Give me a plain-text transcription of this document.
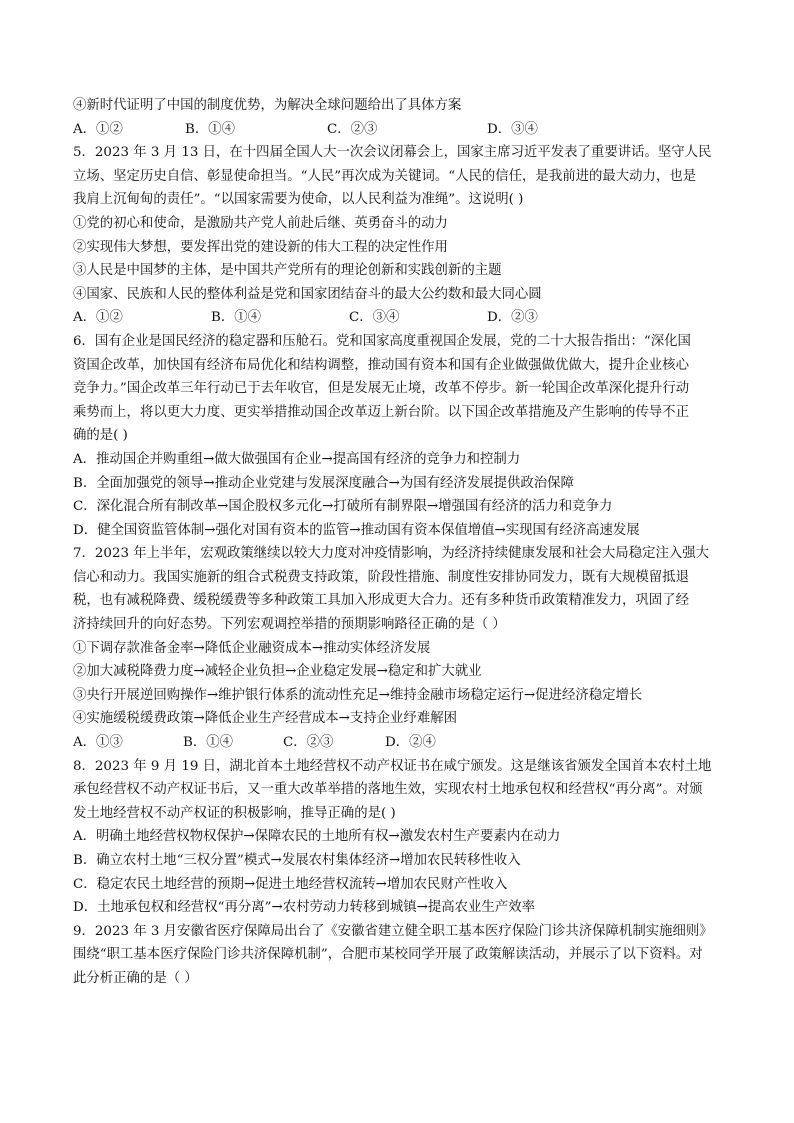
④新时代证明了中国的制度优势，为解决全球问题给出了具体方案
A．①②	B．①④	C．②③	D．③④
5．2023 年 3 月 13 日，在十四届全国人大一次会议闭幕会上，国家主席习近平发表了重要讲话。坚守人民
立场、坚定历史自信、彰显使命担当。“人民”再次成为关键词。“人民的信任，是我前进的最大动力，也是
我肩上沉甸甸的责任”。“以国家需要为使命，以人民利益为准绳”。这说明( )
①党的初心和使命，是激励共产党人前赴后继、英勇奋斗的动力
②实现伟大梦想，要发挥出党的建设新的伟大工程的决定性作用
③人民是中国梦的主体，是中国共产党所有的理论创新和实践创新的主题
④国家、民族和人民的整体利益是党和国家团结奋斗的最大公约数和最大同心圆
A．①②	B．①④	C．③④	D．②③
6．国有企业是国民经济的稳定器和压舱石。党和国家高度重视国企发展，党的二十大报告指出：“深化国
资国企改革，加快国有经济布局优化和结构调整，推动国有资本和国有企业做强做优做大，提升企业核心
竞争力。”国企改革三年行动已于去年收官，但是发展无止境，改革不停步。新一轮国企改革深化提升行动
乘势而上，将以更大力度、更实举措推动国企改革迈上新台阶。以下国企改革措施及产生影响的传导不正
确的是( )
A．推动国企并购重组→做大做强国有企业→提高国有经济的竞争力和控制力
B．全面加强党的领导→推动企业党建与发展深度融合→为国有经济发展提供政治保障
C．深化混合所有制改革→国企股权多元化→打破所有制界限→增强国有经济的活力和竞争力
D．健全国资监管体制→强化对国有资本的监管→推动国有资本保值增值→实现国有经济高速发展
7．2023 年上半年，宏观政策继续以较大力度对冲疫情影响，为经济持续健康发展和社会大局稳定注入强大
信心和动力。我国实施新的组合式税费支持政策，阶段性措施、制度性安排协同发力，既有大规模留抵退
税，也有减税降费、缓税缓费等多种政策工具加入形成更大合力。还有多种货币政策精准发力，巩固了经
济持续回升的向好态势。下列宏观调控举措的预期影响路径正确的是（ ）
①下调存款准备金率→降低企业融资成本→推动实体经济发展
②加大减税降费力度→减轻企业负担→企业稳定发展→稳定和扩大就业
③央行开展逆回购操作→维护银行体系的流动性充足→维持金融市场稳定运行→促进经济稳定增长
④实施缓税缓费政策→降低企业生产经营成本→支持企业纾难解困
A．①③	B．①④	C．②③	D．②④
8．2023 年 9 月 19 日，湖北首本土地经营权不动产权证书在咸宁颁发。这是继该省颁发全国首本农村土地
承包经营权不动产权证书后，又一重大改革举措的落地生效，实现农村土地承包权和经营权“再分离”。对颁
发土地经营权不动产权证的积极影响，推导正确的是( )
A．明确土地经营权物权保护→保障农民的土地所有权→激发农村生产要素内在动力
B．确立农村土地“三权分置”模式→发展农村集体经济→增加农民转移性收入
C．稳定农民土地经营的预期→促进土地经营权流转→增加农民财产性收入
D．土地承包权和经营权“再分离”→农村劳动力转移到城镇→提高农业生产效率
9．2023 年 3 月安徽省医疗保障局出台了《安徽省建立健全职工基本医疗保险门诊共济保障机制实施细则》
围绕“职工基本医疗保险门诊共济保障机制”，合肥市某校同学开展了政策解读活动，并展示了以下资料。对
此分析正确的是（ ）
